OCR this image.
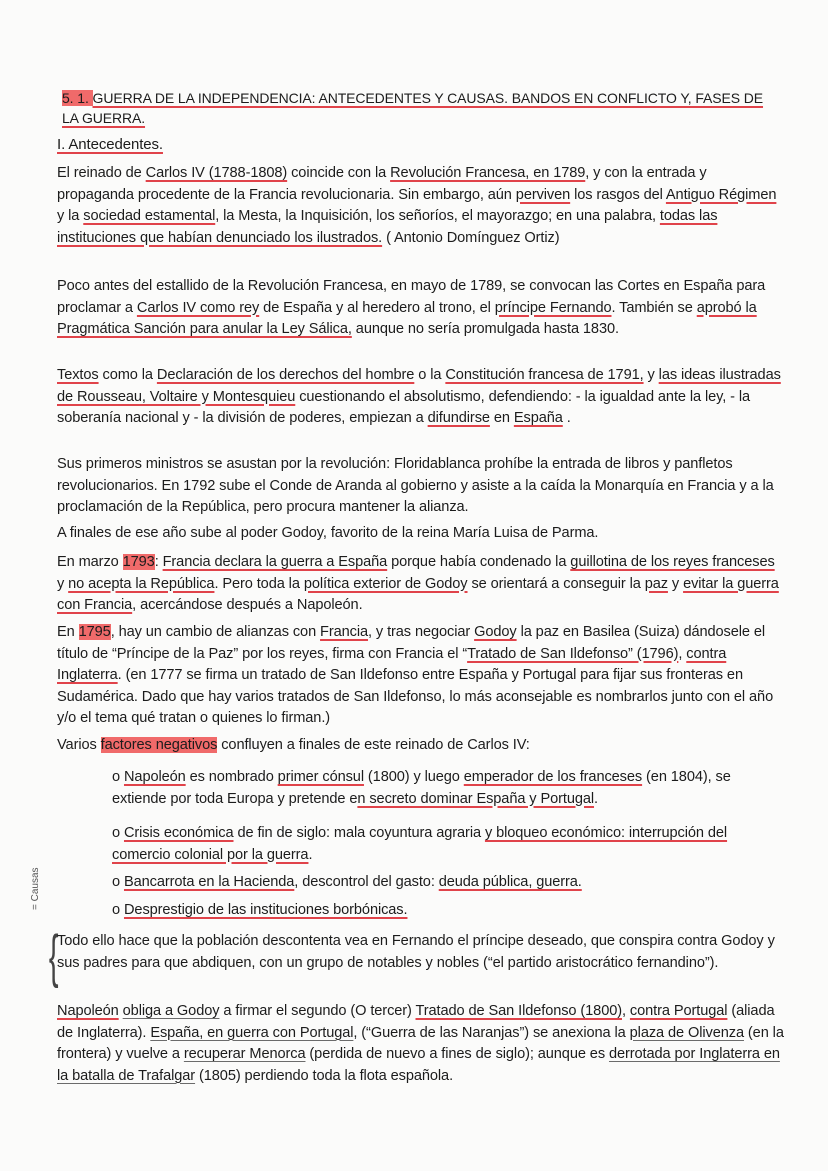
5. 1. GUERRA DE LA INDEPENDENCIA: ANTECEDENTES Y CAUSAS. BANDOS EN CONFLICTO Y, FASES DE LA GUERRA.
I. Antecedentes.
El reinado de Carlos IV (1788-1808) coincide con la Revolución Francesa, en 1789, y con la entrada y propaganda procedente de la Francia revolucionaria. Sin embargo, aún perviven los rasgos del Antiguo Régimen y la sociedad estamental, la Mesta, la Inquisición, los señoríos, el mayorazgo; en una palabra, todas las instituciones que habían denunciado los ilustrados. ( Antonio Domínguez Ortiz)
Poco antes del estallido de la Revolución Francesa, en mayo de 1789, se convocan las Cortes en España para proclamar a Carlos IV como rey de España y al heredero al trono, el príncipe Fernando. También se aprobó la Pragmática Sanción para anular la Ley Sálica, aunque no sería promulgada hasta 1830.
Textos como la Declaración de los derechos del hombre o la Constitución francesa de 1791, y las ideas ilustradas de Rousseau, Voltaire y Montesquieu cuestionando el absolutismo, defendiendo: - la igualdad ante la ley, - la soberanía nacional y - la división de poderes, empiezan a difundirse en España .
Sus primeros ministros se asustan por la revolución: Floridablanca prohíbe la entrada de libros y panfletos revolucionarios. En 1792 sube el Conde de Aranda al gobierno y asiste a la caída la Monarquía en Francia y a la proclamación de la República, pero procura mantener la alianza.
A finales de ese año sube al poder Godoy, favorito de la reina María Luisa de Parma.
En marzo 1793: Francia declara la guerra a España porque había condenado la guillotina de los reyes franceses y no acepta la República. Pero toda la política exterior de Godoy se orientará a conseguir la paz y evitar la guerra con Francia, acercándose después a Napoleón.
En 1795, hay un cambio de alianzas con Francia, y tras negociar Godoy la paz en Basilea (Suiza) dándosele el título de “Príncipe de la Paz” por los reyes, firma con Francia el “Tratado de San Ildefonso” (1796), contra Inglaterra. (en 1777 se firma un tratado de San Ildefonso entre España y Portugal para fijar sus fronteras en Sudamérica. Dado que hay varios tratados de San Ildefonso, lo más aconsejable es nombrarlos junto con el año y/o el tema qué tratan o quienes lo firman.)
Varios factores negativos confluyen a finales de este reinado de Carlos IV:
o Napoleón es nombrado primer cónsul (1800) y luego emperador de los franceses (en 1804), se extiende por toda Europa y pretende en secreto dominar España y Portugal.
o Crisis económica de fin de siglo: mala coyuntura agraria y bloqueo económico: interrupción del comercio colonial por la guerra.
o Bancarrota en la Hacienda, descontrol del gasto: deuda pública, guerra.
o Desprestigio de las instituciones borbónicas.
= Causas
{
Todo ello hace que la población descontenta vea en Fernando el príncipe deseado, que conspira contra Godoy y sus padres para que abdiquen, con un grupo de notables y nobles (“el partido aristocrático fernandino”).
Napoleón obliga a Godoy a firmar el segundo (O tercer) Tratado de San Ildefonso (1800), contra Portugal (aliada de Inglaterra). España, en guerra con Portugal, (“Guerra de las Naranjas”) se anexiona la plaza de Olivenza (en la frontera) y vuelve a recuperar Menorca (perdida de nuevo a fines de siglo); aunque es derrotada por Inglaterra en la batalla de Trafalgar (1805) perdiendo toda la flota española.
